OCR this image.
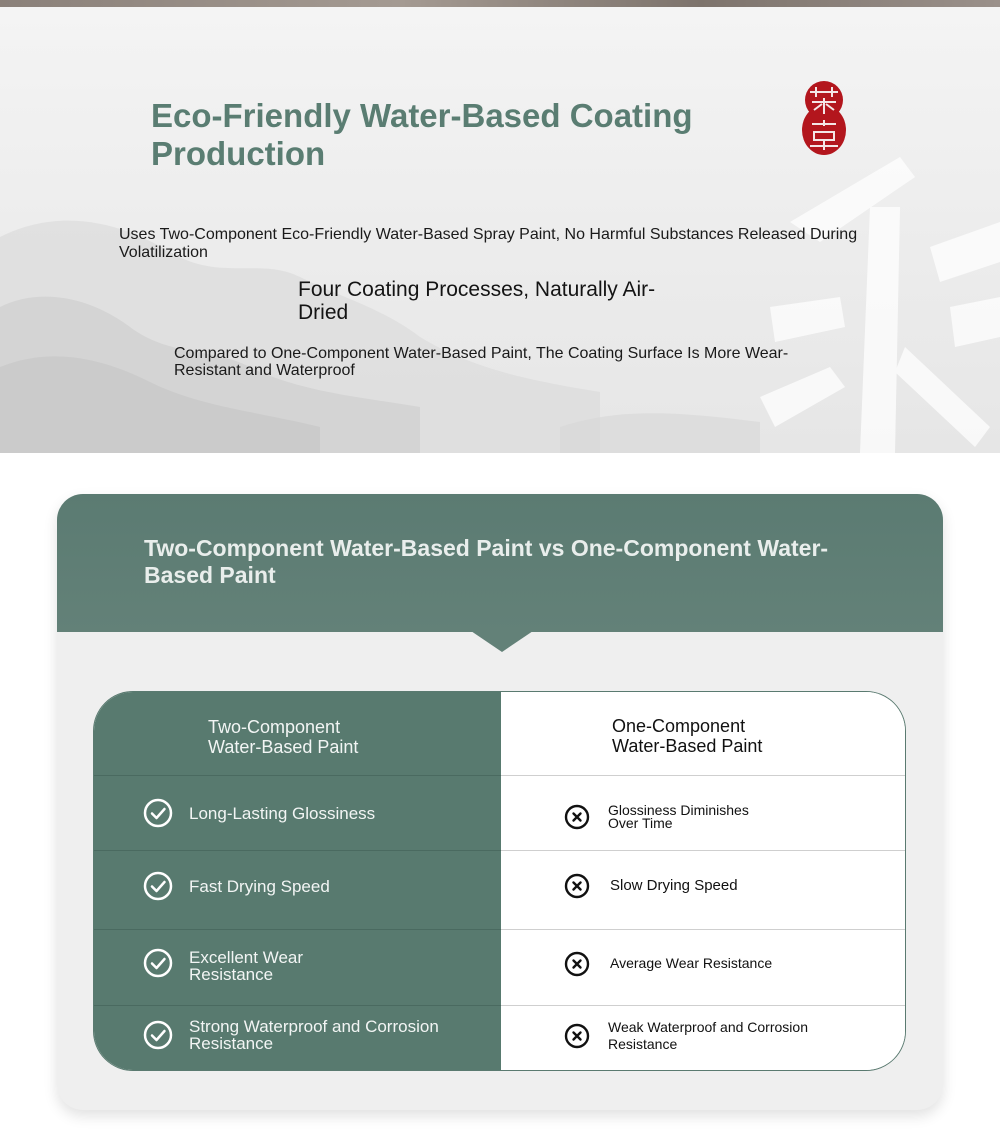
Eco-Friendly Water-Based Coating Production

Uses Two-Component Eco-Friendly Water-Based Spray Paint, No Harmful Substances Released During Volatilization

Four Coating Processes, Naturally Air-Dried

Compared to One-Component Water-Based Paint, The Coating Surface Is More Wear-Resistant and Waterproof

Two-Component Water-Based Paint vs One-Component Water-Based Paint
Two-Component Water-Based Paint
Long-Lasting Glossiness
Fast Drying Speed
Excellent Wear Resistance
Strong Waterproof and Corrosion Resistance
One-Component Water-Based Paint
Glossiness Diminishes Over Time
Slow Drying Speed
Average Wear Resistance
Weak Waterproof and Corrosion Resistance
